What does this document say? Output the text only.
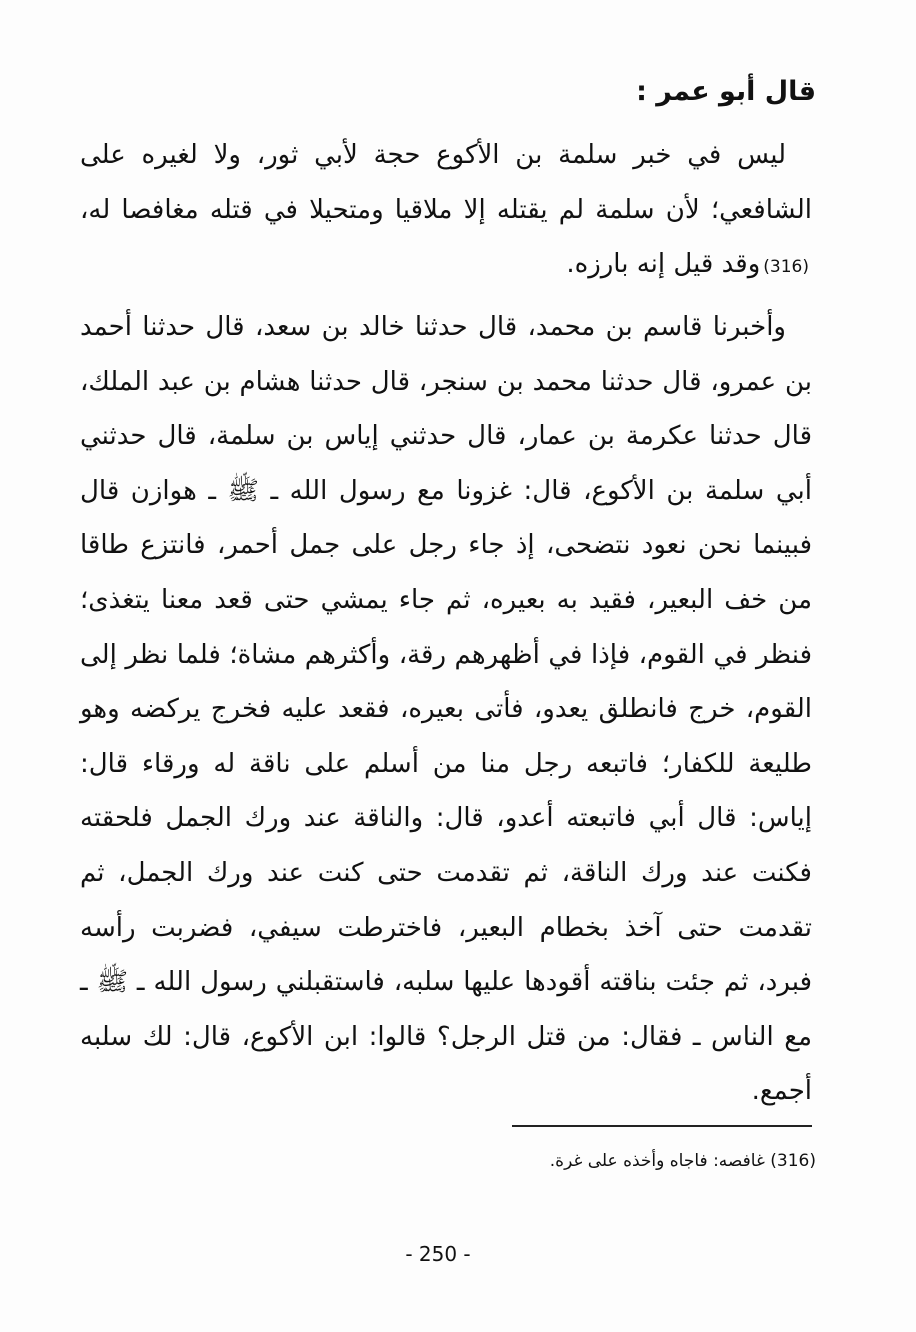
قال أبو عمر :

ليس في خبر سلمة بن الأكوع حجة لأبي ثور، ولا لغيره على الشافعي؛ لأن سلمة لم يقتله إلا ملاقيا ومتحيلا في قتله مغافصا له،(316)وقد قيل إنه بارزه.

وأخبرنا قاسم بن محمد، قال حدثنا خالد بن سعد، قال حدثنا أحمد بن عمرو، قال حدثنا محمد بن سنجر، قال حدثنا هشام بن عبد الملك، قال حدثنا عكرمة بن عمار، قال حدثني إياس بن سلمة، قال حدثني أبي سلمة بن الأكوع، قال: غزونا مع رسول الله ـ ﷺ ـ هوازن قال فبينما نحن نعود نتضحى، إذ جاء رجل على جمل أحمر، فانتزع طاقا من خف البعير، فقيد به بعيره، ثم جاء يمشي حتى قعد معنا يتغذى؛ فنظر في القوم، فإذا في أظهرهم رقة، وأكثرهم مشاة؛ فلما نظر إلى القوم، خرج فانطلق يعدو، فأتى بعيره، فقعد عليه فخرج يركضه وهو طليعة للكفار؛ فاتبعه رجل منا من أسلم على ناقة له ورقاء قال: إياس: قال أبي فاتبعته أعدو، قال: والناقة عند ورك الجمل فلحقته فكنت عند ورك الناقة، ثم تقدمت حتى كنت عند ورك الجمل، ثم تقدمت حتى آخذ بخطام البعير، فاخترطت سيفي، فضربت رأسه فبرد، ثم جئت بناقته أقودها عليها سلبه، فاستقبلني رسول الله ـ ﷺ ـ مع الناس ـ فقال: من قتل الرجل؟ قالوا: ابن الأكوع، قال: لك سلبه أجمع.

(316) غافصه: فاجاه وأخذه على غرة.
- 250 -
